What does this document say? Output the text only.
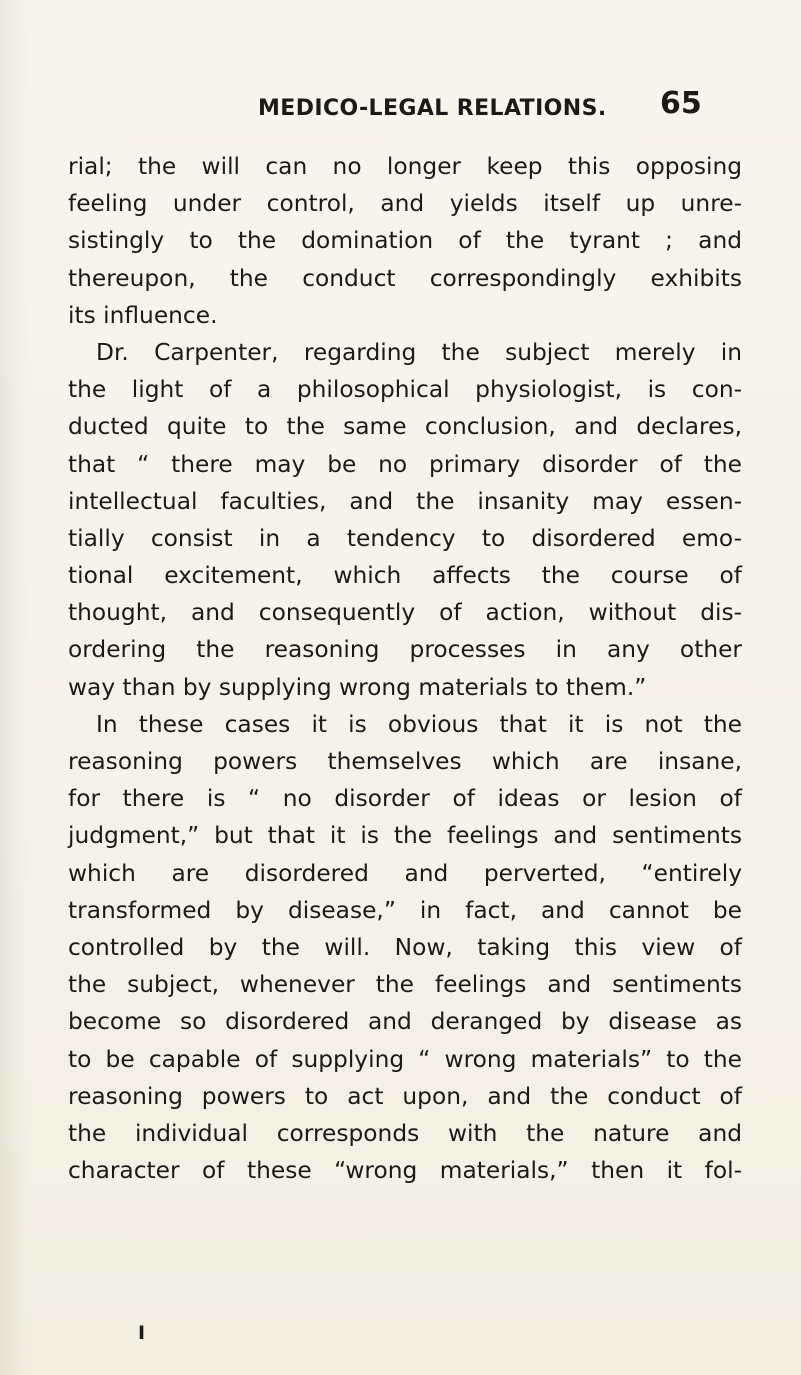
MEDICO-LEGAL RELATIONS. 65
rial; the will can no longer keep this opposing
feeling under control, and yields itself up unre-
sistingly to the domination of the tyrant ; and
thereupon, the conduct correspondingly exhibits
its influence.
Dr. Carpenter, regarding the subject merely in
the light of a philosophical physiologist, is con-
ducted quite to the same conclusion, and declares,
that “ there may be no primary disorder of the
intellectual faculties, and the insanity may essen-
tially consist in a tendency to disordered emo-
tional excitement, which affects the course of
thought, and consequently of action, without dis-
ordering the reasoning processes in any other
way than by supplying wrong materials to them.”
In these cases it is obvious that it is not the
reasoning powers themselves which are insane,
for there is “ no disorder of ideas or lesion of
judgment,” but that it is the feelings and sentiments
which are disordered and perverted, “entirely
transformed by disease,” in fact, and cannot be
controlled by the will. Now, taking this view of
the subject, whenever the feelings and sentiments
become so disordered and deranged by disease as
to be capable of supplying “ wrong materials” to the
reasoning powers to act upon, and the conduct of
the individual corresponds with the nature and
character of these “wrong materials,” then it fol-
I
